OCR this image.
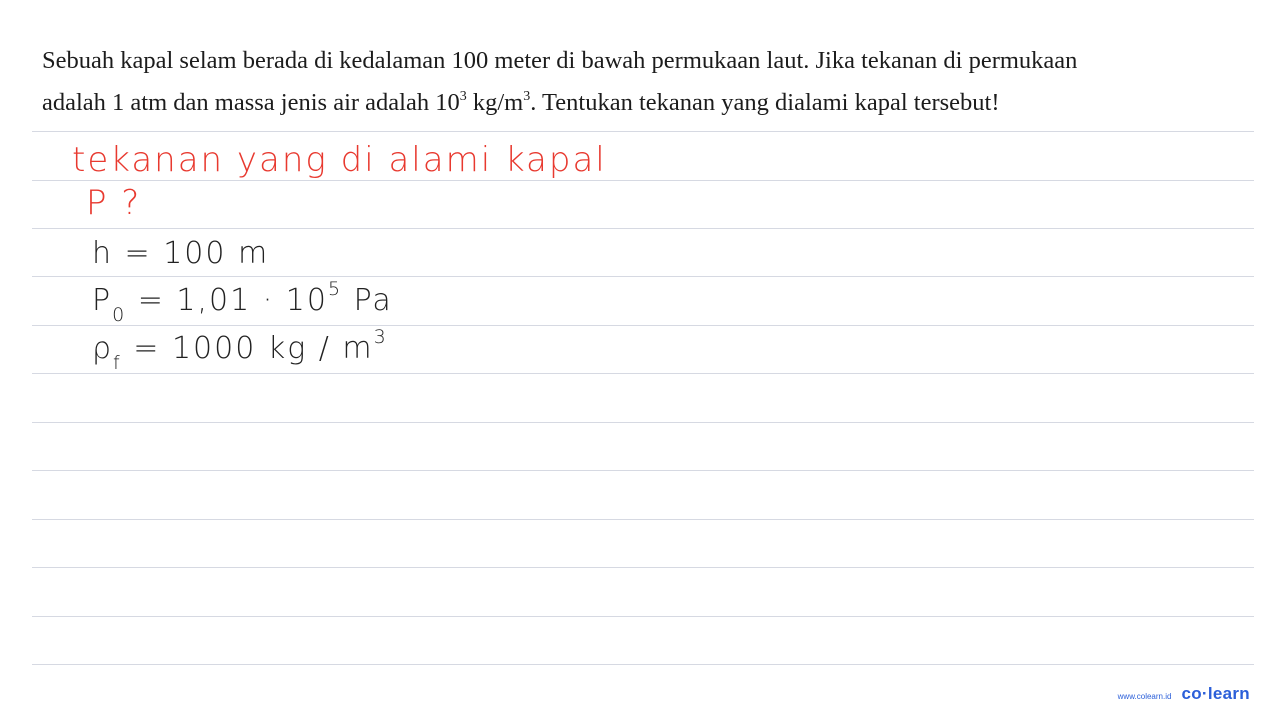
Sebuah kapal selam berada di kedalaman 100 meter di bawah permukaan laut. Jika tekanan di permukaan
adalah 1 atm dan massa jenis air adalah $10^3$ $kg/m^3$. Tentukan tekanan yang dialami kapal tersebut!

tekanan yang di alami kapal

P ?

h = 100 m

$P_0 = 1,01 \cdot 10^5$ Pa

$\rho_f = 1000$ kg / $m^3$

www.colearn.id co·learn
